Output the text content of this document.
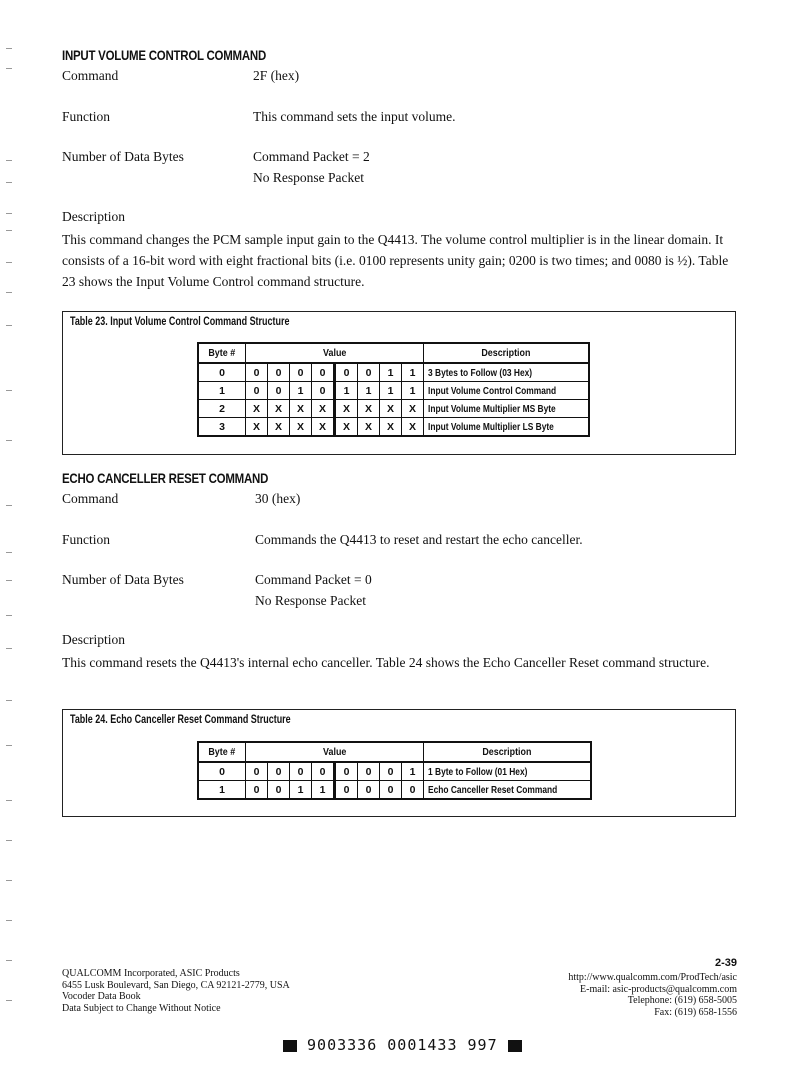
INPUT VOLUME CONTROL COMMAND
Command	2F (hex)
Function	This command sets the input volume.
Number of Data Bytes	Command Packet = 2
No Response Packet
Description
This command changes the PCM sample input gain to the Q4413. The volume control multiplier is in the linear domain. It consists of a 16-bit word with eight fractional bits (i.e. 0100 represents unity gain; 0200 is two times; and 0080 is ½). Table 23 shows the Input Volume Control command structure.
Table 23. Input Volume Control Command Structure
Byte #	Value								Description
0	0	0	0	0	0	0	1	1	3 Bytes to Follow (03 Hex)
1	0	0	1	0	1	1	1	1	Input Volume Control Command
2	X	X	X	X	X	X	X	X	Input Volume Multiplier MS Byte
3	X	X	X	X	X	X	X	X	Input Volume Multiplier LS Byte
ECHO CANCELLER RESET COMMAND
Command	30 (hex)
Function	Commands the Q4413 to reset and restart the echo canceller.
Number of Data Bytes	Command Packet = 0
No Response Packet
Description
This command resets the Q4413's internal echo canceller. Table 24 shows the Echo Canceller Reset command structure.
Table 24. Echo Canceller Reset Command Structure
Byte #	Value								Description
0	0	0	0	0	0	0	0	1	1 Byte to Follow (01 Hex)
1	0	0	1	1	0	0	0	0	Echo Canceller Reset Command
2-39
QUALCOMM Incorporated, ASIC Products
6455 Lusk Boulevard, San Diego, CA 92121-2779, USA
Vocoder Data Book
Data Subject to Change Without Notice
http://www.qualcomm.com/ProdTech/asic
E-mail: asic-products@qualcomm.com
Telephone: (619) 658-5005
Fax: (619) 658-1556
9003336 0001433 997
